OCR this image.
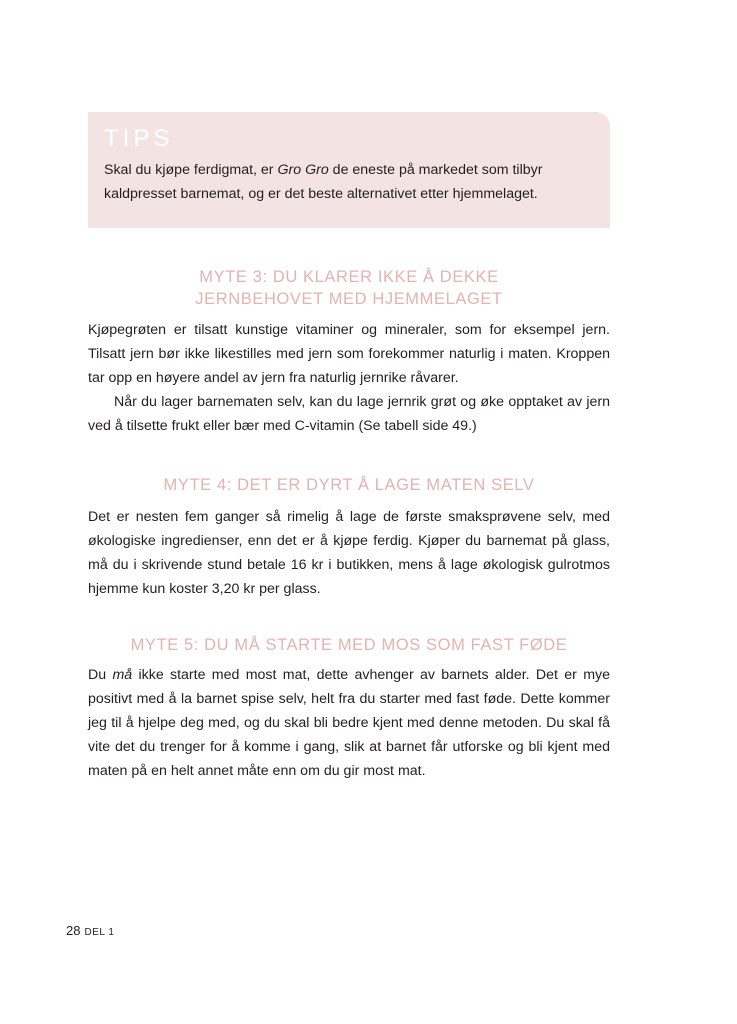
TIPS

Skal du kjøpe ferdigmat, er Gro Gro de eneste på markedet som tilbyr kaldpresset barnemat, og er det beste alternativet etter hjemmelaget.

MYTE 3: DU KLARER IKKE Å DEKKE
JERNBEHOVET MED HJEMMELAGET

Kjøpegrøten er tilsatt kunstige vitaminer og mineraler, som for eksempel jern. Tilsatt jern bør ikke likestilles med jern som forekommer naturlig i maten. Kroppen tar opp en høyere andel av jern fra naturlig jernrike råvarer.

Når du lager barnematen selv, kan du lage jernrik grøt og øke opptaket av jern ved å tilsette frukt eller bær med C-vitamin (Se tabell side 49.)

MYTE 4: DET ER DYRT Å LAGE MATEN SELV

Det er nesten fem ganger så rimelig å lage de første smaksprøvene selv, med økologiske ingredienser, enn det er å kjøpe ferdig. Kjøper du barnemat på glass, må du i skrivende stund betale 16 kr i butikken, mens å lage økologisk gulrotmos hjemme kun koster 3,20 kr per glass.

MYTE 5: DU MÅ STARTE MED MOS SOM FAST FØDE

Du må ikke starte med most mat, dette avhenger av barnets alder. Det er mye positivt med å la barnet spise selv, helt fra du starter med fast føde. Dette kommer jeg til å hjelpe deg med, og du skal bli bedre kjent med denne metoden. Du skal få vite det du trenger for å komme i gang, slik at barnet får utforske og bli kjent med maten på en helt annet måte enn om du gir most mat.

28 DEL 1
